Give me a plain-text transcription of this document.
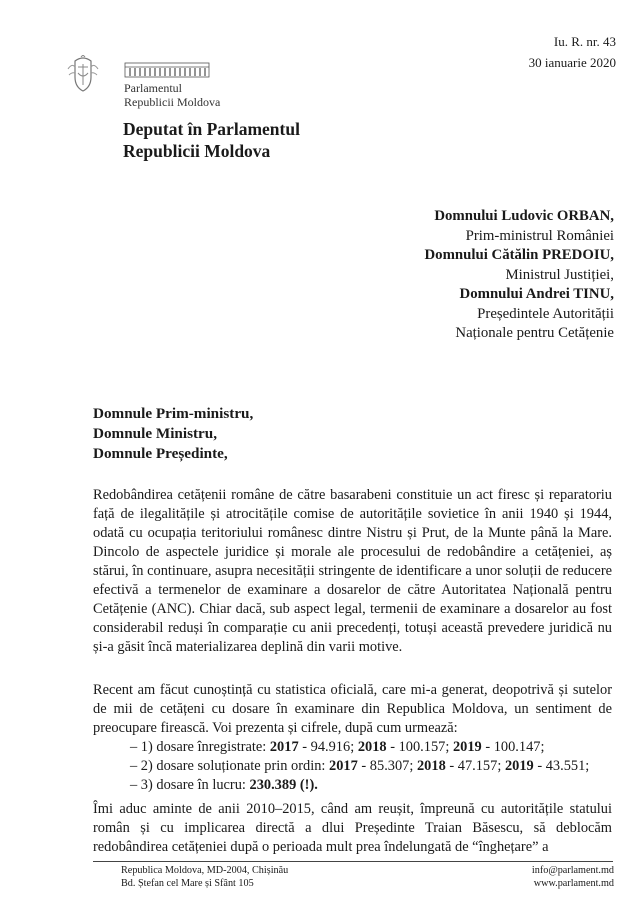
Iu. R. nr. 43
30 ianuarie 2020
Parlamentul
Republicii Moldova
Deputat în Parlamentul
Republicii Moldova
Domnului Ludovic ORBAN,
Prim-ministrul României
Domnului Cătălin PREDOIU,
Ministrul Justiției,
Domnului Andrei TINU,
Președintele Autorității
Naționale pentru Cetățenie
Domnule Prim-ministru,
Domnule Ministru,
Domnule Președinte,
Redobândirea cetățenii române de către basarabeni constituie un act firesc și reparatoriu față de ilegalitățile și atrocitățile comise de autoritățile sovietice în anii 1940 și 1944, odată cu ocupația teritoriului românesc dintre Nistru și Prut, de la Munte până la Mare. Dincolo de aspectele juridice și morale ale procesului de redobândire a cetățeniei, aș stărui, în continuare, asupra necesității stringente de identificare a unor soluții de reducere efectivă a termenelor de examinare a dosarelor de către Autoritatea Națională pentru Cetățenie (ANC). Chiar dacă, sub aspect legal, termenii de examinare a dosarelor au fost considerabil reduși în comparație cu anii precedenți, totuși această prevedere juridică nu și-a găsit încă materializarea deplină din varii motive.
Recent am făcut cunoștință cu statistica oficială, care mi-a generat, deopotrivă și sutelor de mii de cetățeni cu dosare în examinare din Republica Moldova, un sentiment de preocupare firească. Voi prezenta și cifrele, după cum urmează:
– 1) dosare înregistrate: 2017 - 94.916; 2018 - 100.157; 2019 - 100.147;
– 2) dosare soluționate prin ordin: 2017 - 85.307; 2018 - 47.157; 2019 - 43.551;
– 3) dosare în lucru: 230.389 (!).
Îmi aduc aminte de anii 2010–2015, când am reușit, împreună cu autoritățile statului român și cu implicarea directă a dlui Președinte Traian Băsescu, să deblocăm redobândirea cetățeniei după o perioada mult prea îndelungată de “înghețare” a
Republica Moldova, MD-2004, Chișinău
Bd. Ștefan cel Mare și Sfânt 105
info@parlament.md
www.parlament.md
